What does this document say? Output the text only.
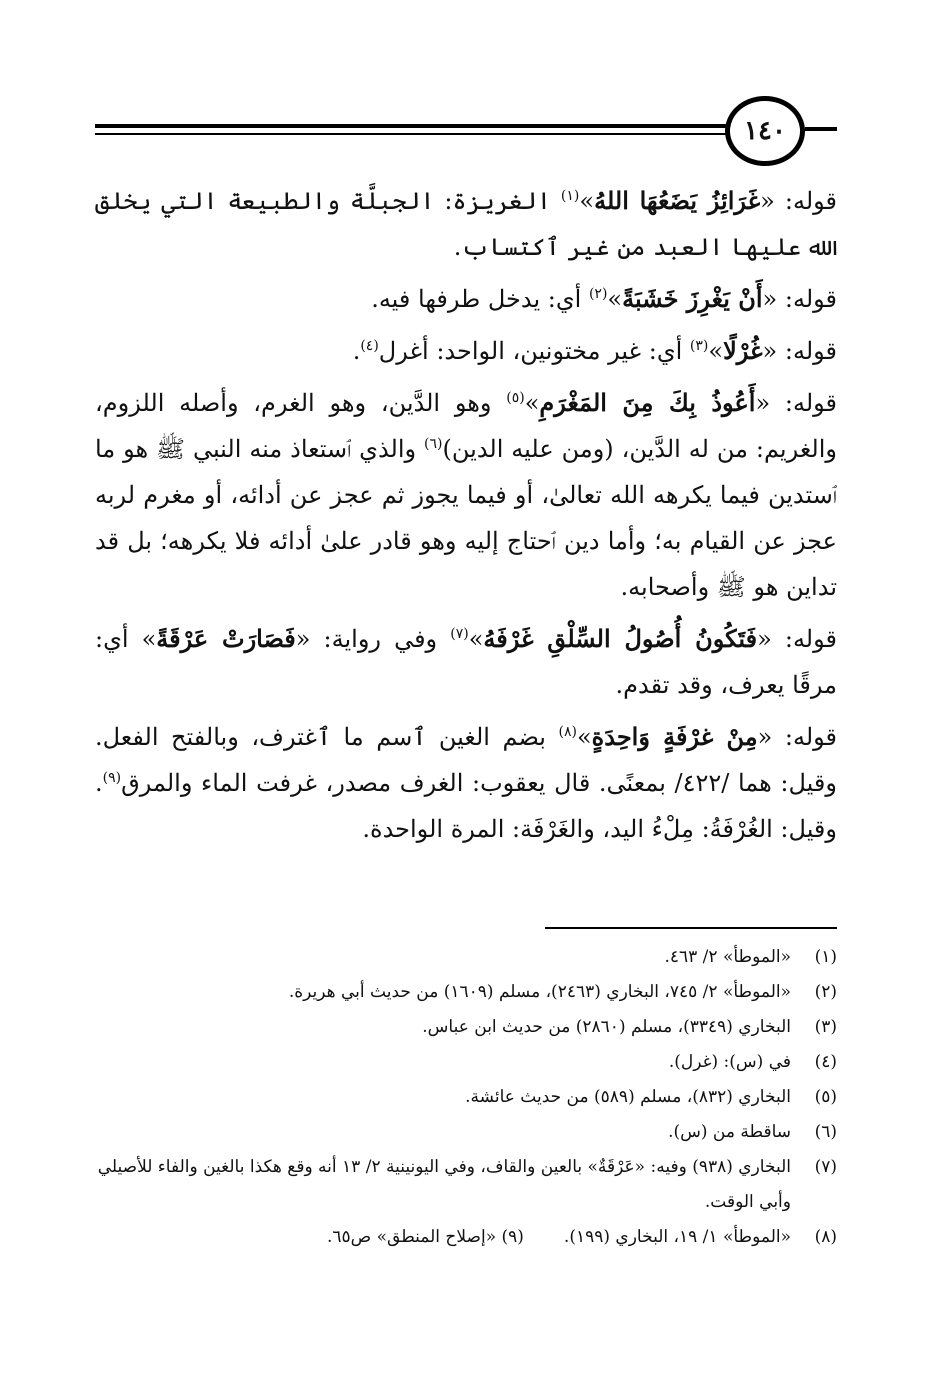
١٤٠

قوله: «غَرَائِزُ يَضَعُهَا اللهُ»$^{(١)}$ الغريزة: الجبلَّة والطبيعة التي يخلق الله عليها العبد من غير ٱكتساب.

قوله: «أَنْ يَغْرِزَ خَشَبَةً»$^{(٢)}$ أي: يدخل طرفها فيه.

قوله: «غُرْلًا»$^{(٣)}$ أي: غير مختونين، الواحد: أغرل$^{(٤)}$.

قوله: «أَعُوذُ بِكَ مِنَ المَغْرَمِ»$^{(٥)}$ وهو الدَّين، وهو الغرم، وأصله اللزوم، والغريم: من له الدَّين، (ومن عليه الدين)$^{(٦)}$ والذي ٱستعاذ منه النبي ﷺ هو ما ٱستدين فيما يكرهه الله تعالىٰ، أو فيما يجوز ثم عجز عن أدائه، أو مغرم لربه عجز عن القيام به؛ وأما دين ٱحتاج إليه وهو قادر علىٰ أدائه فلا يكرهه؛ بل قد تداين هو ﷺ وأصحابه.

قوله: «فَتَكُونُ أُصُولُ السِّلْقِ غَرْفَهُ»$^{(٧)}$ وفي رواية: «فَصَارَتْ عَرْقَةً» أي: مرقًا يعرف، وقد تقدم.

قوله: «مِنْ غرْفَةٍ وَاحِدَةٍ»$^{(٨)}$ بضم الغين ٱسم ما ٱغترف، وبالفتح الفعل. وقيل: هما /٤٢٢/ بمعنًى. قال يعقوب: الغرف مصدر، غرفت الماء والمرق$^{(٩)}$. وقيل: الغُرْفَةُ: مِلْءُ اليد، والغَرْفَة: المرة الواحدة.

(١)
«الموطأ» ٢/ ٤٦٣.
(٢)
«الموطأ» ٢/ ٧٤٥، البخاري (٢٤٦٣)، مسلم (١٦٠٩) من حديث أبي هريرة.
(٣)
البخاري (٣٣٤٩)، مسلم (٢٨٦٠) من حديث ابن عباس.
(٤)
في (س): (غرل).
(٥)
البخاري (٨٣٢)، مسلم (٥٨٩) من حديث عائشة.
(٦)
ساقطة من (س).
(٧)
البخاري (٩٣٨) وفيه: «عَرْقَةٌ» بالعين والقاف، وفي اليونينية ٢/ ١٣ أنه وقع هكذا بالغين والفاء للأصيلي وأبي الوقت.
(٨)
«الموطأ» ١/ ١٩، البخاري (١٩٩).(٩) «إصلاح المنطق» ص٦٥.
